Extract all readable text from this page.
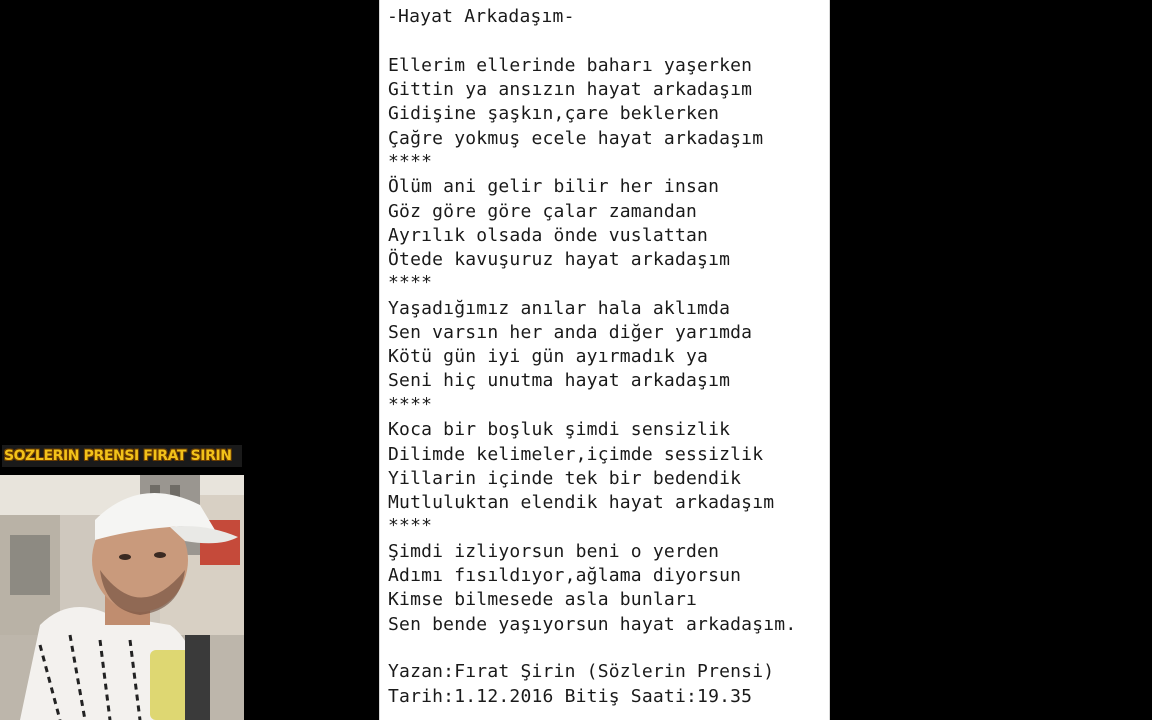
-Hayat Arkadaşım-
Ellerim ellerinde baharı yaşerken
Gittin ya ansızın hayat arkadaşım
Gidişine şaşkın,çare beklerken
Çağre yokmuş ecele hayat arkadaşım
****
Ölüm ani gelir bilir her insan
Göz göre göre çalar zamandan
Ayrılık olsada önde vuslattan
Ötede kavuşuruz hayat arkadaşım
****
Yaşadığımız anılar hala aklımda
Sen varsın her anda diğer yarımda
Kötü gün iyi gün ayırmadık ya
Seni hiç unutma hayat arkadaşım
****
Koca bir boşluk şimdi sensizlik
Dilimde kelimeler,içimde sessizlik
Yillarin içinde tek bir bedendik
Mutluluktan elendik hayat arkadaşım
****
Şimdi izliyorsun beni o yerden
Adımı fısıldıyor,ağlama diyorsun
Kimse bilmesede asla bunları
Sen bende yaşıyorsun hayat arkadaşım.
Yazan:Fırat Şirin (Sözlerin Prensi)
Tarih:1.12.2016 Bitiş Saati:19.35
SOZLERIN PRENSI FIRAT SIRIN
